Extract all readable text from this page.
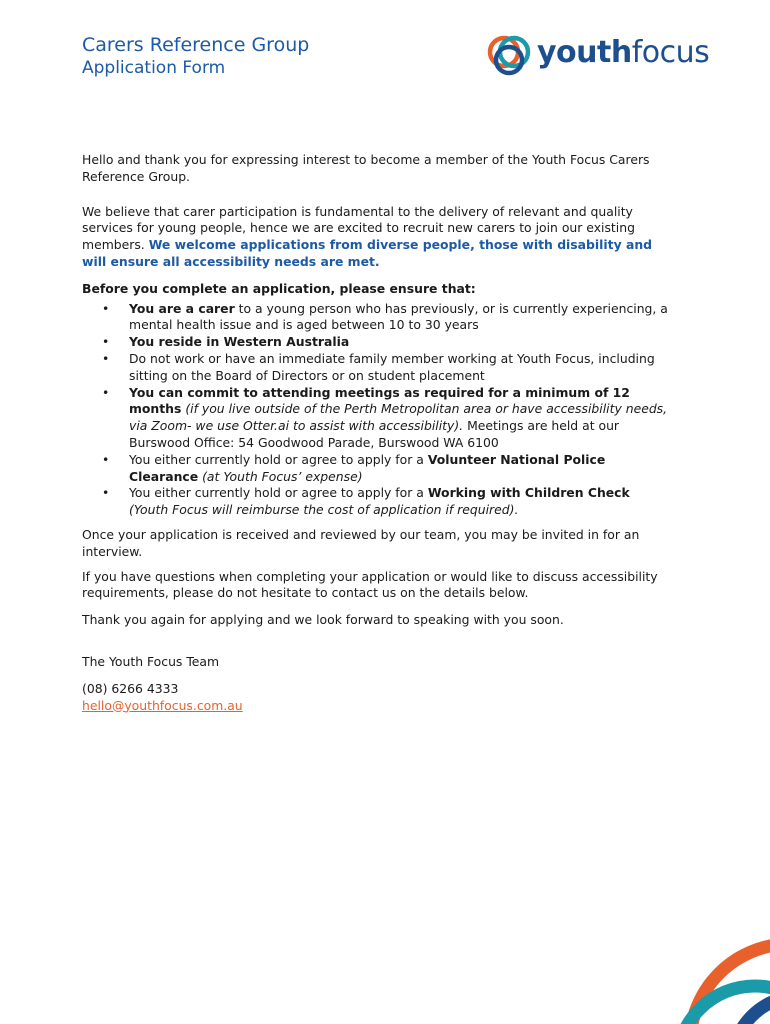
Carers Reference Group
Application Form	youthfocus

Hello and thank you for expressing interest to become a member of the Youth Focus Carers Reference Group.

We believe that carer participation is fundamental to the delivery of relevant and quality services for young people, hence we are excited to recruit new carers to join our existing members. We welcome applications from diverse people, those with disability and will ensure all accessibility needs are met.

Before you complete an application, please ensure that:

• You are a carer to a young person who has previously, or is currently experiencing, a mental health issue and is aged between 10 to 30 years
• You reside in Western Australia
• Do not work or have an immediate family member working at Youth Focus, including sitting on the Board of Directors or on student placement
• You can commit to attending meetings as required for a minimum of 12 months (if you live outside of the Perth Metropolitan area or have accessibility needs, via Zoom- we use Otter.ai to assist with accessibility). Meetings are held at our Burswood Office: 54 Goodwood Parade, Burswood WA 6100
• You either currently hold or agree to apply for a Volunteer National Police Clearance (at Youth Focus’ expense)
• You either currently hold or agree to apply for a Working with Children Check (Youth Focus will reimburse the cost of application if required).

Once your application is received and reviewed by our team, you may be invited in for an interview.

If you have questions when completing your application or would like to discuss accessibility requirements, please do not hesitate to contact us on the details below.

Thank you again for applying and we look forward to speaking with you soon.

The Youth Focus Team

(08) 6266 4333

hello@youthfocus.com.au
